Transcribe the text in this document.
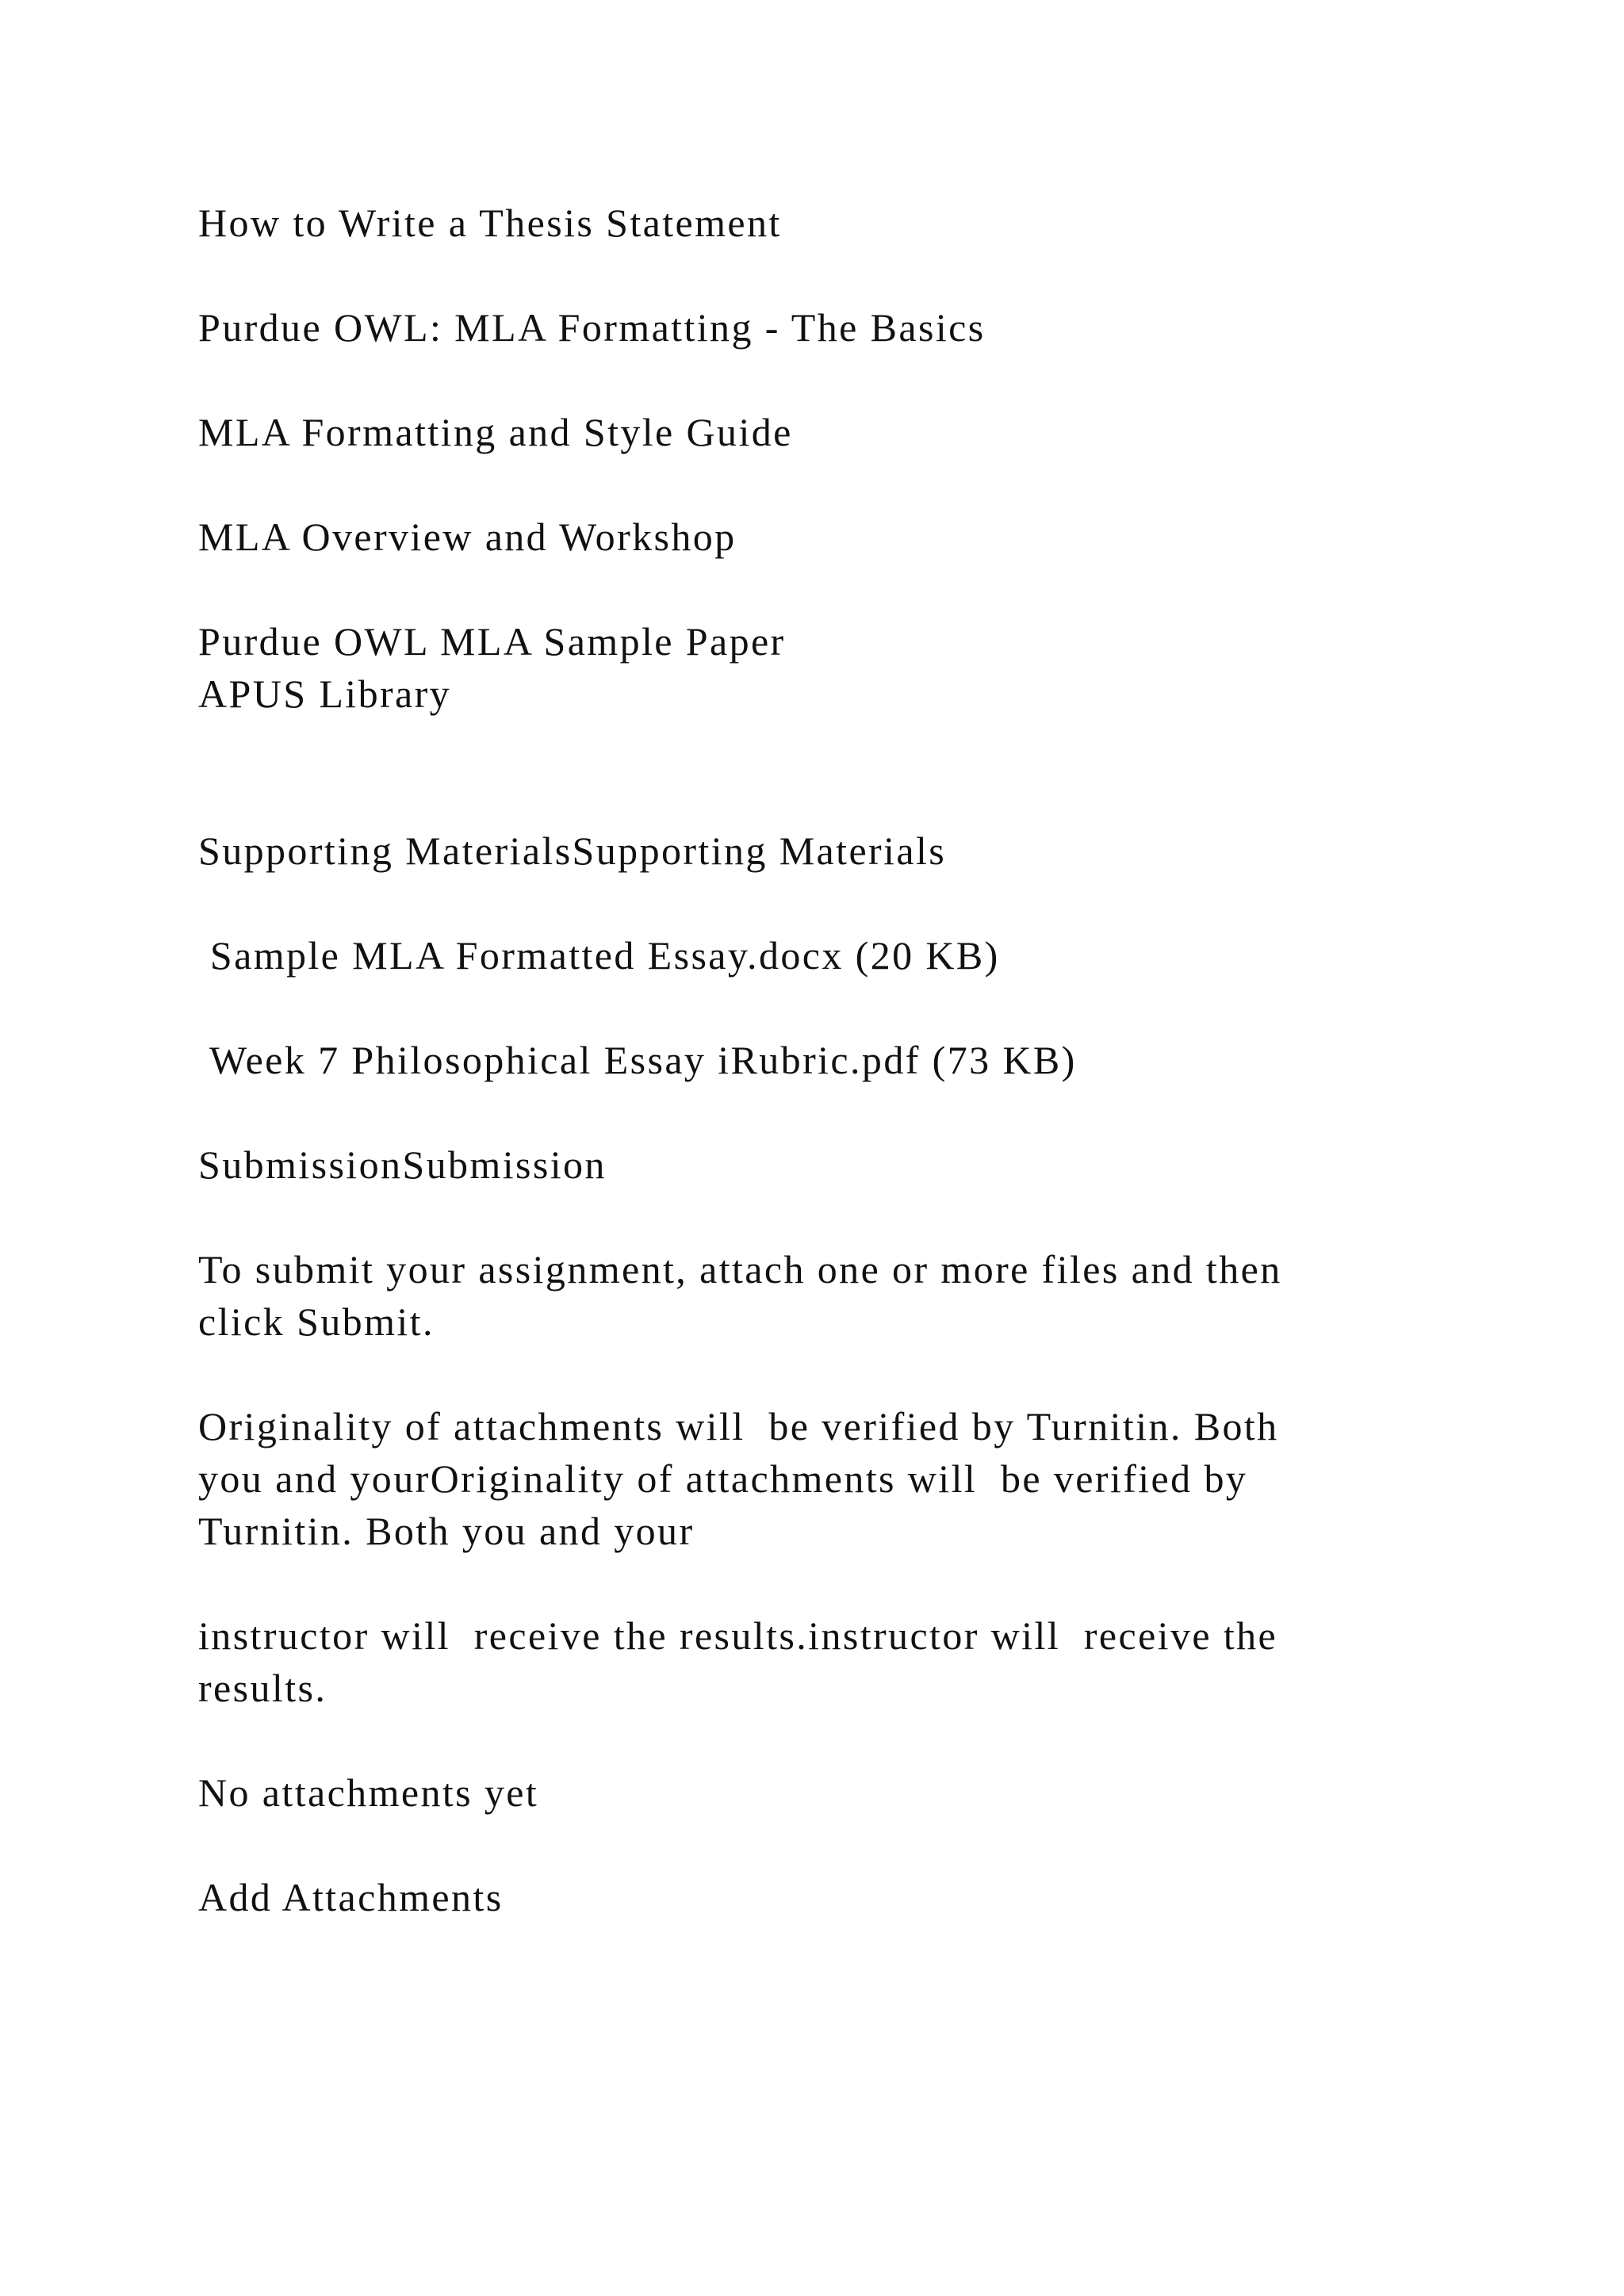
How to Write a Thesis Statement

Purdue OWL: MLA Formatting - The Basics

MLA Formatting and Style Guide

MLA Overview and Workshop

Purdue OWL MLA Sample Paper

APUS Library

Supporting MaterialsSupporting Materials

Sample MLA Formatted Essay.docx (20 KB)

Week 7 Philosophical Essay iRubric.pdf (73 KB)

SubmissionSubmission

To submit your assignment, attach one or more files and then

click Submit.

Originality of attachments will  be verified by Turnitin. Both

you and yourOriginality of attachments will  be verified by

Turnitin. Both you and your

instructor will  receive the results.instructor will  receive the

results.

No attachments yet

Add Attachments
